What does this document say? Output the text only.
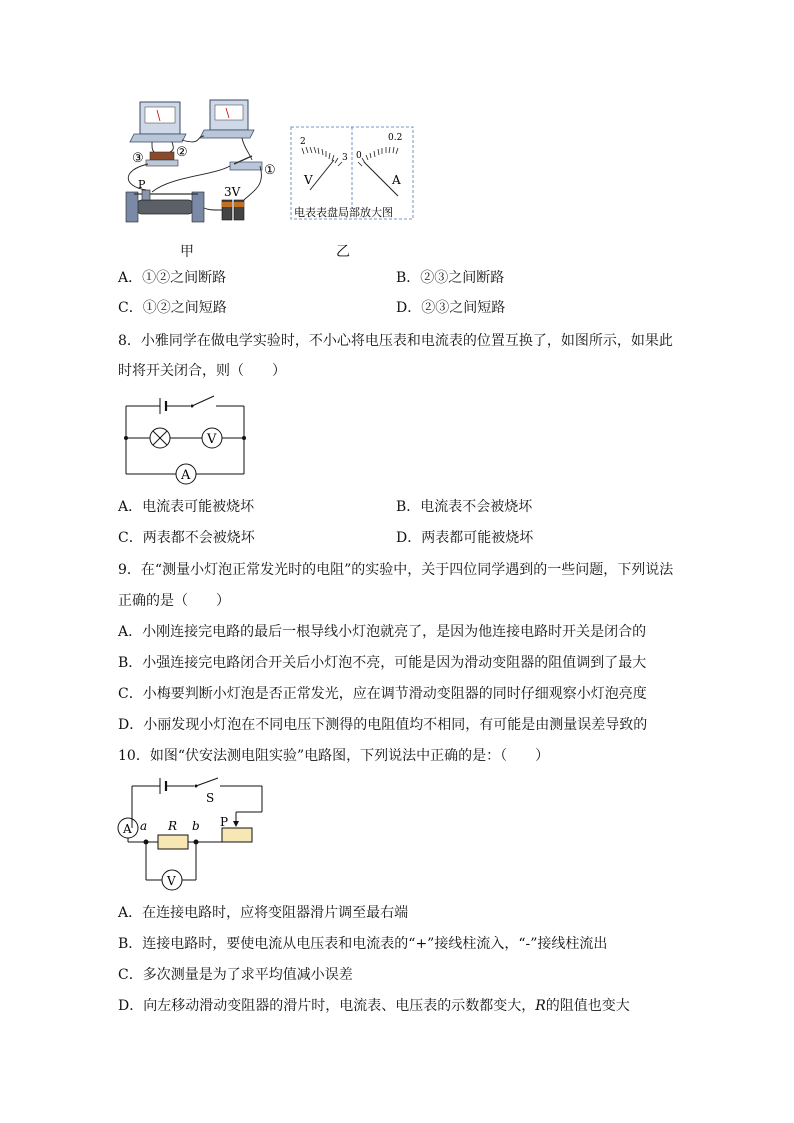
③ ②
①
P
3V
2
3
V
0
0.2
A
电表表盘局部放大图
甲	乙
A．①②之间断路	B．②③之间断路
C．①②之间短路	D．②③之间短路
8．小雅同学在做电学实验时，不小心将电压表和电流表的位置互换了，如图所示，如果此
时将开关闭合，则（　　）
V
A
A．电流表可能被烧坏	B．电流表不会被烧坏
C．两表都不会被烧坏	D．两表都可能被烧坏
9．在“测量小灯泡正常发光时的电阻”的实验中，关于四位同学遇到的一些问题，下列说法
正确的是（　　）
A．小刚连接完电路的最后一根导线小灯泡就亮了，是因为他连接电路时开关是闭合的
B．小强连接完电路闭合开关后小灯泡不亮，可能是因为滑动变阻器的阻值调到了最大
C．小梅要判断小灯泡是否正常发光，应在调节滑动变阻器的同时仔细观察小灯泡亮度
D．小丽发现小灯泡在不同电压下测得的电阻值均不相同，有可能是由测量误差导致的
10．如图“伏安法测电阻实验”电路图，下列说法中正确的是：（　　）
A
V
S
a R b P
A．在连接电路时，应将变阻器滑片调至最右端
B．连接电路时，要使电流从电压表和电流表的“+”接线柱流入，“-”接线柱流出
C．多次测量是为了求平均值减小误差
D．向左移动滑动变阻器的滑片时，电流表、电压表的示数都变大，R的阻值也变大
